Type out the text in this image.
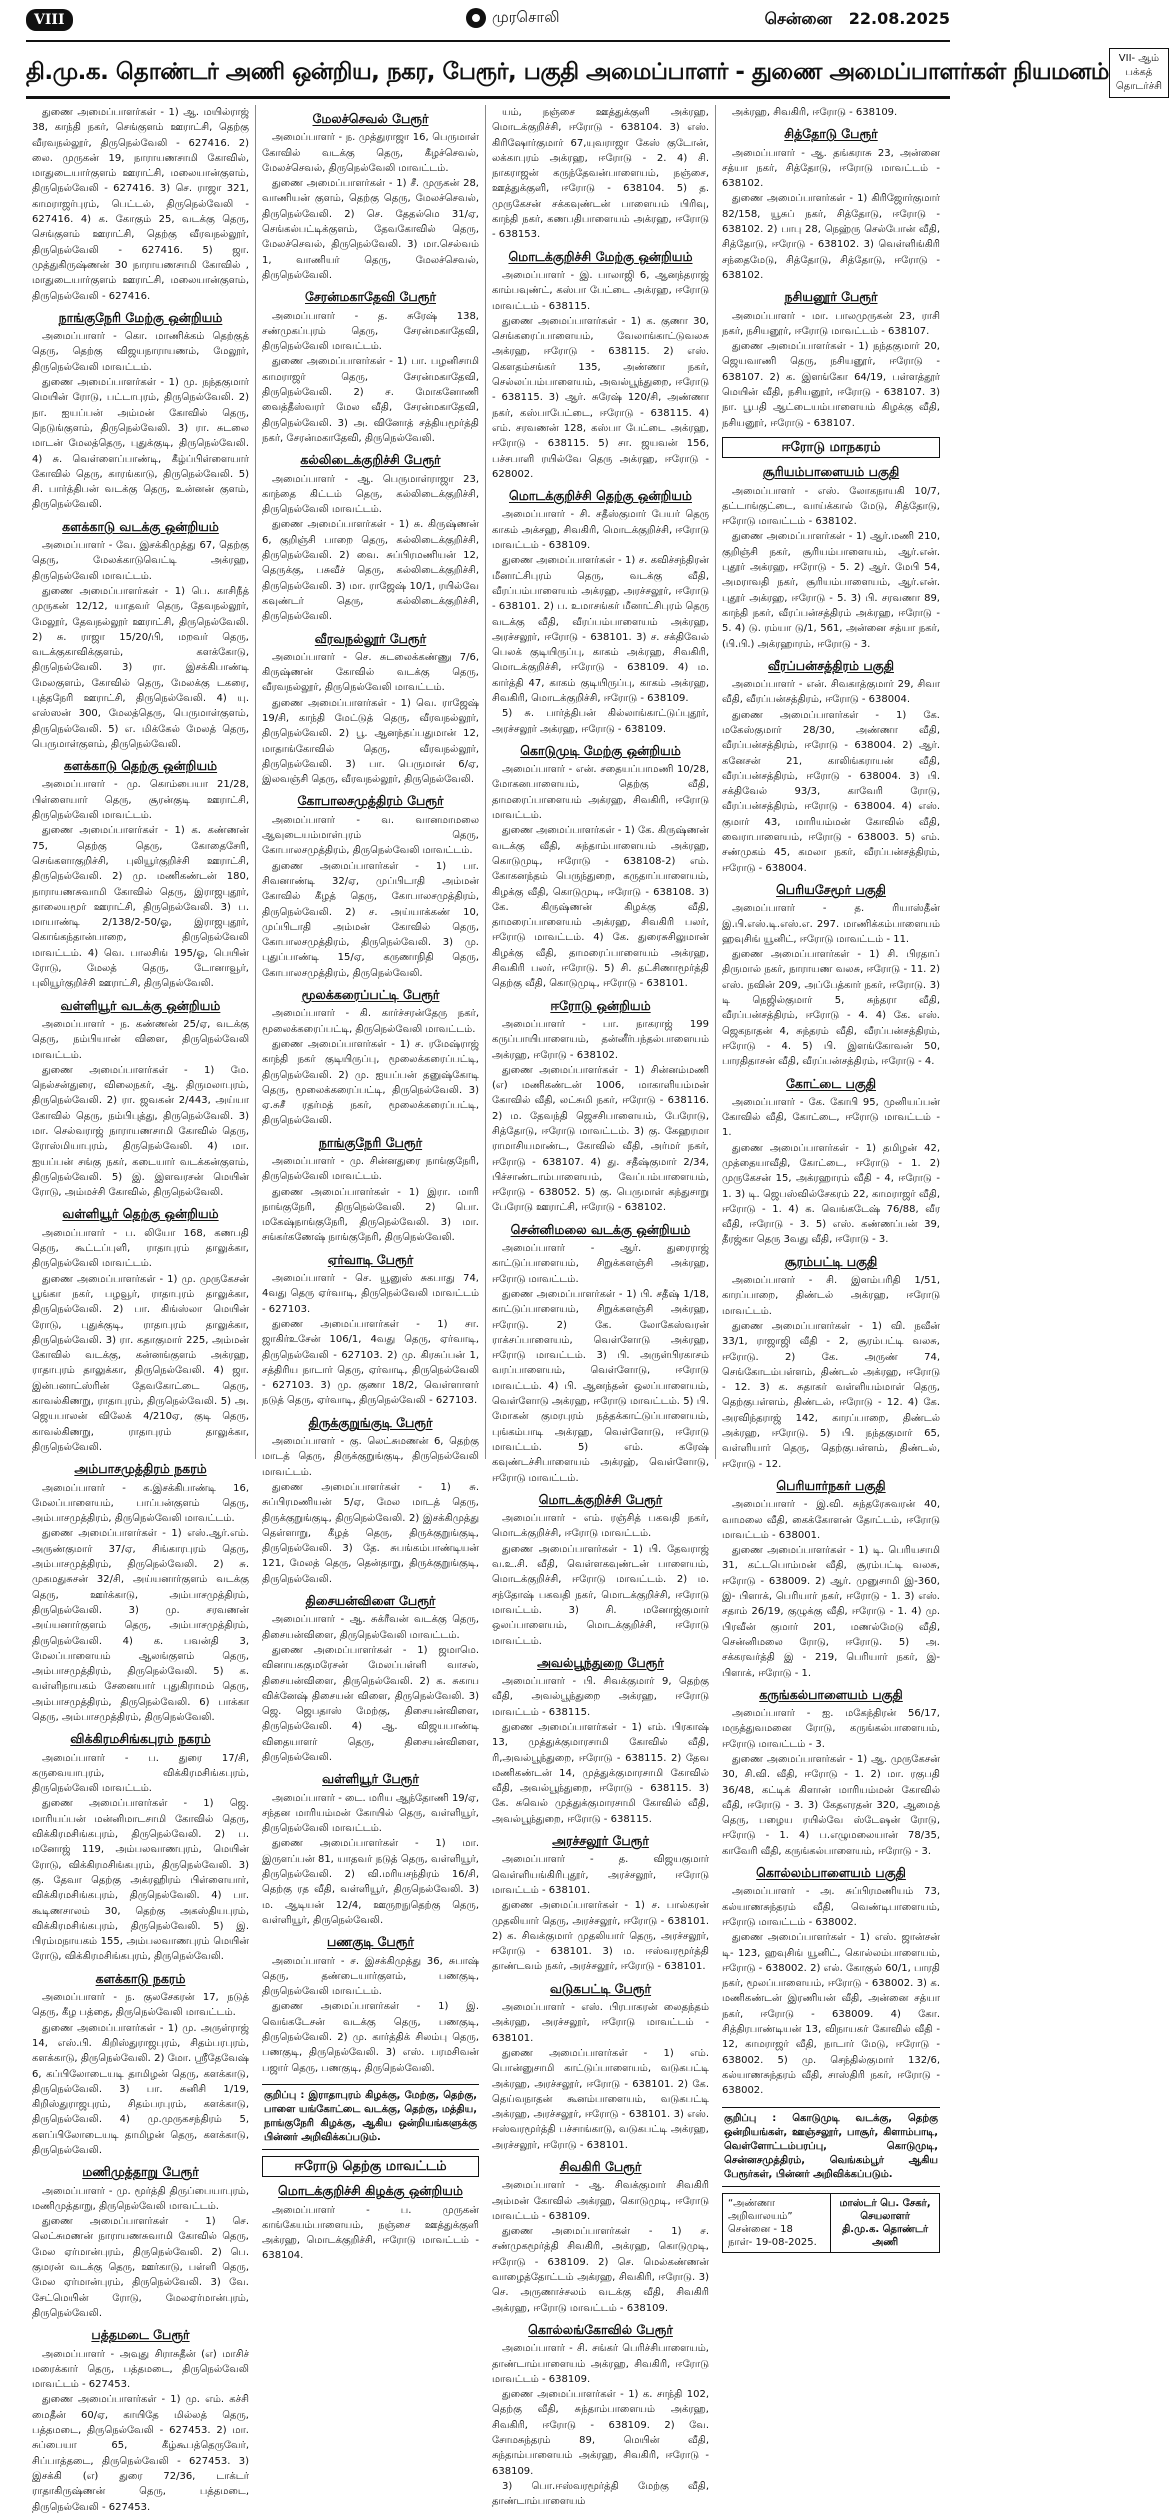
VIII	முரசொலி	சென்னை 22.08.2025
தி.மு.க. தொண்டர் அணி ஒன்றிய, நகர, பேரூர், பகுதி அமைப்பாளர் - துணை அமைப்பாளர்கள் நியமனம் VII- ஆம் பக்கத்
தொடர்ச்சி

துணை அமைப்பாளர்கள் - 1) ஆ. மயில்ராஜ் 38, காந்தி நகர், செங்குளம் ஊராட்சி, தெற்கு வீரவநல்லூர், திருநெல்வேலி - 627416. 2) லை. முருகன் 19, நாராயணசாமி கோவில், மாதுடையார்குளம் ஊராட்சி, மலையான்குளம், திருநெல்வேலி - 627416. 3) செ. ராஜா 321, காமராஜர்புரம், பெட்டல், திருநெல்வேலி - 627416. 4) க. கோகும் 25, வடக்கு தெரு, செங்குளம் ஊராட்சி, தெற்கு வீரவநல்லூர், திருநெல்வேலி - 627416. 5) ஜா. முத்துகிருஷ்ணன் 30 நாராயணசாமி கோவில் , மாதுடையார்குளம் ஊராட்சி, மலையான்குளம், திருநெல்வேலி - 627416.

நாங்குநேரி மேற்கு ஒன்றியம்

அமைப்பாளர் - கொ. மாணிக்கம் தெற்குத் தெரு, தெற்கு விஜயநாராயணம், மேலூர், திருநெல்வேலி மாவட்டம்.

துணை அமைப்பாளர்கள் - 1) மு. நந்தகுமார் மெயின் ரோடு, பட்டாபுரம், திருநெல்வேலி. 2) நா. ஐயப்பன் அம்மன் கோவில் தெரு, நெடுங்குளம், திருநெல்வேலி. 3) ரா. சுடலை மாடன் மேலத்தெரு, புதுக்குடி, திருநெல்வேலி. 4) சு. வெள்ளைப்பாண்டி, கீழ்ப்பிள்ளையார் கோவில் தெரு, காரங்காடு, திருநெல்வேலி. 5) சி. பார்த்திபன் வடக்கு தெரு, உன்னன் குளம், திருநெல்வேலி.

களக்காடு வடக்கு ஒன்றியம்

அமைப்பாளர் - வே. இசக்கிமுத்து 67, தெற்கு தெரு, மேலக்காடுவெட்டி அக்ரஹ, திருநெல்வேலி மாவட்டம்.

துணை அமைப்பாளர்கள் - 1) பெ. காசிநீத் முருகன் 12/12, யாதவர் தெரு, தேவநல்லூர், மேலூர், தேவநல்லூர் ஊராட்சி, திருநெல்வேலி. 2) சு. ராஜா 15/20/பி, மறவர் தெரு, வடக்குகாவிக்குளம், களக்கோடு, திருநெல்வேலி. 3) ரா. இசக்கிபாண்டி மேலகுளம், கோவில் தெரு, மேலக்கு டகரை, புத்தநேரி ஊராட்சி, திருநெல்வேலி. 4) யு. எஸ்ஸன் 300, மேலத்தெரு, பெருமாள்குளம், திருநெல்வேலி. 5) எ. மிக்கேல் மேலத் தெரு, பெருமாள்குளம், திருநெல்வேலி.

களக்காடு தெற்கு ஒன்றியம்

அமைப்பாளர் - மு. கொம்பையா 21/28, பிள்ளையார் தெரு, சூரன்குடி ஊராட்சி, திருநெல்வேலி மாவட்டம்.

துணை அமைப்பாளர்கள் - 1) க. கண்ணன் 75, தெற்கு தெரு, கோதைசேரி, செங்களாகுறிச்சி, புலியூர்குறிச்சி ஊராட்சி, திருநெல்வேலி. 2) மு. மணிகண்டன் 180, நாராயணசுவாமி கோவில் தெரு, இராஜபுதூர், தாலையமூர் ஊராட்சி, திருநெல்வேலி. 3) ப. மாயாண்டி 2/138/2-50/ஓ, இராஜபுதூர், கொங்கந்தான்பாறை, திருநெல்வேலி மாவட்டம். 4) வெ. பாலசிங் 195/ஓ, பெயின் ரோடு, மேலத் தெரு, டோனாவூர், புலியூர்குறிச்சி ஊராட்சி, திருநெல்வேலி.

வள்ளியூர் வடக்கு ஒன்றியம்

அமைப்பாளர் - ந. கண்ணன் 25/ஏ, வடக்கு தெரு, நம்பியான் விளை, திருநெல்வேலி மாவட்டம்.

துணை அமைப்பாளர்கள் - 1) மே. நெல்சன்துரை, விலைநகர், ஆ. திருமலாபுரம், திருநெல்வேலி. 2) ரா. ஜவகன் 2/443, அய்யா கோவில் தெரு, நம்பிபுத்து, திருநெல்வேலி. 3) மா. செல்வராஜ் நாராயணசாமி கோவில் தெரு, ரோஸ்மியாபுரம், திருநெல்வேலி. 4) மா. ஐயப்பன் சங்கு நகர், கடையார் வடக்கன்குளம், திருநெல்வேலி. 5) இ. இளவரசன் மெயின் ரோடு, அம்மச்சி கோவில், திருநெல்வேலி.

வள்ளியூர் தெற்கு ஒன்றியம்

அமைப்பாளர் - ப. லியோ 168, கணபதி தெரு, கூட்டப்புளி, ராதாபுரம் தாலுக்கா, திருநெல்வேலி மாவட்டம்.

துணை அமைப்பாளர்கள் - 1) மு. முருகேசன் பூங்கா நகர், பழவூர், ராதாபுரம் தாலுக்கா, திருநெல்வேலி. 2) பா. கிங்ஸ்லா மெயின் ரோடு, புதுக்குடி, ராதாபுரம் தாலுக்கா, திருநெல்வேலி. 3) ரா. கதாகுமார் 225, அம்மன் கோவில் வடக்கு, கன்னங்குளம் அக்ரஹ, ராதாபுரம் தாலுக்கா, திருநெல்வேலி. 4) ஜா. இன்பனாட்ஸ்ரின் தேவகோட்டை தெரு, காவல்கிணறு, ராதாபுரம், திருநெல்வேலி. 5) அ. ஜெயபாலன் விலேக் 4/210ஏ, குடி தெரு, காவல்கிணறு, ராதாபுரம் தாலுக்கா, திருநெல்வேலி.

அம்பாசமுத்திரம் நகரம்

அமைப்பாளர் - க.இசக்கிபாண்டி 16, மேலப்பாளையம், பாப்பன்குளம் தெரு, அம்பாசமுத்திரம், திருநெல்வேலி மாவட்டம்.

துணை அமைப்பாளர்கள் - 1) எஸ்.ஆர்.எம். அருண்குமார் 37/ஏ, சிங்காரபுரம் தெரு, அம்பாசமுத்திரம், திருநெல்வேலி. 2) சு. முகமதுசுசன் 32/சி, அய்யனார்குளம் வடக்கு தெரு, ஊர்க்காடு, அம்பாசமுத்திரம், திருநெல்வேலி. 3) மு. சரவணன் அய்யனார்குளம் தெரு, அம்பாசமுத்திரம், திருநெல்வேலி. 4) க. பவன்தி 3, மேலப்பாளையம் ஆலங்குளம் தெரு, அம்பாசமுத்திரம், திருநெல்வேலி. 5) க. வள்ளிநாயகம் சேனையார் புதுகிராமம் தெரு, அம்பாசமுத்திரம், திருநெல்வேலி. 6) பாக்கா தெரு, அம்பாசமுத்திரம், திருநெல்வேலி.

விக்கிரமசிங்கபுரம் நகரம்

அமைப்பாளர் - ப. துரை 17/சி, கருவையாபுரம், விக்கிரமசிங்கபுரம், திருநெல்வேலி மாவட்டம்.

துணை அமைப்பாளர்கள் - 1) ஜெ. மாரியப்பன் மன்னிமாடசாமி கோவில் தெரு, விக்கிரமசிங்கபுரம், திருநெல்வேலி. 2) ப. மனோஜ் 119, அம்பலவாணபுரம், மெயின் ரோடு, விக்கிரமசிங்கபுரம், திருநெல்வேலி. 3) கு. தேவா தெற்கு அக்ரஹிரம் பிள்ளையார், விக்கிரமசிங்கபுரம், திருநெல்வேலி. 4) பா. கூடிணசாலம் 30, தெற்கு அகஸ்தியபுரம், விக்கிரமசிங்கபுரம், திருநெல்வேலி. 5) இ. பிரம்மநாயகம் 155, அம்பலவாணபுரம் மெயின் ரோடு, விக்கிரமசிங்கபுரம், திருநெல்வேலி.

களக்காடு நகரம்

அமைப்பாளர் - ந. குலசேகரன் 17, நடுத் தெரு, கீழ பத்தை, திருநெல்வேலி மாவட்டம்.

துணை அமைப்பாளர்கள் - 1) மு. அருள்ராஜ் 14, எஸ்.பி. கிறிஸ்துராஜபுரம், சிதம்பரபுரம், களக்காடு, திருநெல்வேலி. 2) மோ. ஸ்ரீதேவேஷ் 6, கப்பிலோடையடி தாமிழன் தெரு, களக்காடு, திருநெல்வேலி. 3) பா. சுனிசி 1/19, கிறிஸ்துராஜபுரம், சிதம்பரபுரம், களக்காடு, திருநெல்வேலி. 4) மு.முருகசந்திரம் 5, களப்பிலோடையடி தாமிழன் தெரு, களக்காடு, திருநெல்வேலி.

மணிமுத்தாறு பேரூர்

அமைப்பாளர் - மு. மூர்த்தி திருப்பையாபுரம், மணிமுத்தாறு, திருநெல்வேலி மாவட்டம்.

துணை அமைப்பாளர்கள் - 1) செ. லெட்சுமணன் நாராயணசுவாமி கோவில் தெரு, மேல ஏர்மான்புரம், திருநெல்வேலி. 2) பெ. குமரன் வடக்கு தெரு, ஊர்காடு, பள்ளி தெரு, மேல ஏர்மான்புரம், திருநெல்வேலி. 3) வே. சேட்மெயின் ரோடு, மேலஏர்மான்புரம், திருநெல்வேலி.

பத்தமடை பேரூர்

அமைப்பாளர் - அவுது சிராசுதீன் (எ) மாசிச் மரைக்கார் தெரு, பத்தமடை, திருநெல்வேலி மாவட்டம் - 627453.

துணை அமைப்பாளர்கள் - 1) மு. எம். கச்சி மைதீன் 60/ஏ, காயிதே மில்லத் தெரு, பத்தமடை, திருநெல்வேலி - 627453. 2) மா. சுப்பையா 65, கீழ்கூபத்தெருவேர், சிப்பாத்தடை, திருநெல்வேலி - 627453. 3) இசக்கி (எ) துரை 72/36, டாக்டர் ராதாகிருஷ்ணன் தெரு, பத்தமடை, திருநெல்வேலி - 627453.

மேலச்செவல் பேரூர்

அமைப்பாளர் - ந. முத்துராஜா 16, பெருமாள் கோவில் வடக்கு தெரு, கீழச்செவல், மேலச்செவல், திருநெல்வேலி மாவட்டம்.

துணை அமைப்பாளர்கள் - 1) சீ. முருகன் 28, வாணியன் குளம், தெற்கு தெரு, மேலச்செவல், திருநெல்வேலி. 2) செ. தேதல்மெ 31/ஏ, செங்கல்பட்டிக்குளம், தேவகோவில் தெரு, மேலச்செவல், திருநெல்வேலி. 3) மா.செல்வம் 1, வாணியர் தெரு, மேலச்செவல், திருநெல்வேலி.

சேரன்மகாதேவி பேரூர்

அமைப்பாளர் - த. சுரேஷ் 138, சண்முகப்புரம் தெரு, சேரன்மகாதேவி, திருநெல்வேலி மாவட்டம்.

துணை அமைப்பாளர்கள் - 1) பா. பழனிசாமி காமராஜர் தெரு, சேரன்மகாதேவி, திருநெல்வேலி. 2) ச. மோகனோணி வைத்தீஸ்வரர் மேல வீதி, சேரன்மகாதேவி, திருநெல்வேலி. 3) அ. வினோத் சத்தியமூர்த்தி நகர், சேரன்மகாதேவி, திருநெல்வேலி.

கல்லிடைக்குறிச்சி பேரூர்

அமைப்பாளர் - ஆ. பெருமாள்ராஜா 23, காந்தை கிட்டம் தெரு, கல்லிடைக்குறிச்சி, திருநெல்வேலி மாவட்டம்.

துணை அமைப்பாளர்கள் - 1) சு. கிருஷ்ணன் 6, குறிஞ்சி பாறை தெரு, கல்லிடைக்குறிச்சி, திருநெல்வேலி. 2) வை. சுப்பிரமணியன் 12, தெருக்கு, பசுவீச் தெரு, கல்லிடைக்குறிச்சி, திருநெல்வேலி. 3) மா. ராஜேஷ் 10/1, ரயில்வே கவுண்டர் தெரு, கல்லிடைக்குறிச்சி, திருநெல்வேலி.

வீரவநல்லூர் பேரூர்

அமைப்பாளர் - செ. சுடலைக்கண்ணு 7/6, கிருஷ்ணன் கோவில் வடக்கு தெரு, வீரவநல்லூர், திருநெல்வேலி மாவட்டம்.

துணை அமைப்பாளர்கள் - 1) வெ. ராஜேஷ் 19/சி, காந்தி மேட்டுத் தெரு, வீரவநல்லூர், திருநெல்வேலி. 2) பூ. ஆனந்தப்பதுமான் 12, மாதாங்கோவில் தெரு, வீரவநல்லூர், திருநெல்வேலி. 3) பா. பெருமாள் 6/ஏ, இலவஞ்சி தெரு, வீரவநல்லூர், திருநெல்வேலி.

கோபாலசமுத்திரம் பேரூர்

அமைப்பாளர் - வ. வானமாமலை ஆவுடையம்மாள்புரம் தெரு, கோபாலசமுத்திரம், திருநெல்வேலி மாவட்டம்.

துணை அமைப்பாளர்கள் - 1) பா. சிவனாண்டி 32/ஏ, முப்பிடாதி அம்மன் கோவில் கீழத் தெரு, கோபாலசமுத்திரம், திருநெல்வேலி. 2) ச. அய்யாக்கண் 10, முப்பிடாதி அம்மன் கோவில் தெரு, கோபாலசமுத்திரம், திருநெல்வேலி. 3) மு. புதுப்பாண்டி 15/ஏ, கருணாநிதி தெரு, கோபாலசமுத்திரம், திருநெல்வேலி.

மூலக்கரைப்பட்டி பேரூர்

அமைப்பாளர் - கி. கார்ச்சரன்தேரு நகர், மூலைக்கரைப்பட்டி, திருநெல்வேலி மாவட்டம்.

துணை அமைப்பாளர்கள் - 1) ச. ரமேஷ்ராஜ் காந்தி நகர் குடியிருப்பு, மூலைக்கரைப்பட்டி, திருநெல்வேலி. 2) மு. ஐயப்பன் தனுஷ்கோடி தெரு, மூலைக்கரைப்பட்டி, திருநெல்வேலி. 3) ஏ.சுசீ ரதர்மத் நகர், மூலைக்கரைப்பட்டி, திருநெல்வேலி.

நாங்குநேரி பேரூர்

அமைப்பாளர் - மு. சின்னதுரை நாங்குநேரி, திருநெல்வேலி மாவட்டம்.

துணை அமைப்பாளர்கள் - 1) இரா. மாரி நாங்குநேரி, திருநெல்வேலி. 2) பொ. மகேஷ்நாங்குநேரி, திருநெல்வேலி. 3) மா. சங்கர்கணேஷ் நாங்குநேரி, திருநெல்வேலி.

ஏர்வாடி பேரூர்

அமைப்பாளர் - செ. யூனுஸ் சுகபாது 74, 4வது தெரு ஏர்வாடி, திருநெல்வேலி மாவட்டம் - 627103.

துணை அமைப்பாளர்கள் - 1) சா. ஜாகிர்உசேன் 106/1, 4வது தெரு, ஏர்வாடி, திருநெல்வேலி - 627103. 2) மு. கிரசுப்பன் 1, சத்திரிய நாடார் தெரு, ஏர்வாடி, திருநெல்வேலி - 627103. 3) மு. குணா 18/2, வெள்ளாளர் நடுத் தெரு, ஏர்வாடி, திருநெல்வேலி - 627103.

திருக்குறுங்குடி பேரூர்

அமைப்பாளர் - கு. லெட்சுமணன் 6, தெற்கு மாடத் தெரு, திருக்குறுங்குடி, திருநெல்வேலி மாவட்டம்.

துணை அமைப்பாளர்கள் - 1) சு. சுப்பிரமணியன் 5/ஏ, மேல மாடத் தெரு, திருக்குறுங்குடி, திருநெல்வேலி. 2) இசக்கிமுத்து தெள்ளாறு, கீழத் தெரு, திருக்குறுங்குடி, திருநெல்வேலி. 3) தே. சுபங்கம்பாண்டியன் 121, மேலத் தெரு, தென்தாறு, திருக்குறுங்குடி, திருநெல்வேலி.

திசையன்விளை பேரூர்

அமைப்பாளர் - ஆ. சுக்ரீவன் வடக்கு தெரு, திசையன்விளை, திருநெல்வேலி மாவட்டம்.

துணை அமைப்பாளர்கள் - 1) ஜமாமெ. வினாயககுமரேசன் மேலப்பள்ளி வாசல், திசையன்விளை, திருநெல்வேலி. 2) க. சுகாய விக்னேஷ் திசையன் விளை, திருநெல்வேலி. 3) ஜெ. ஜெபதாஸ் மேற்கு, திசையன்விளை, திருநெல்வேலி. 4) ஆ. விஜயபாண்டி விதையாளர் தெரு, திசையன்விளை, திருநெல்வேலி.

வள்ளியூர் பேரூர்

அமைப்பாளர் - டை. மரிய ஆந்தோணி 19/ஏ, சந்தன மாரியம்மன் கோயில் தெரு, வள்ளியூர், திருநெல்வேலி மாவட்டம்.

துணை அமைப்பாளர்கள் - 1) மா. இருளப்பன் 81, யாதவர் நடுத் தெரு, வள்ளியூர், திருநெல்வேலி. 2) வி.மரியசந்திரம் 16/சி, தெற்கு ரத வீதி, வள்ளியூர், திருநெல்வேலி. 3) ம. ஆடியன் 12/4, ஊருறநுதெற்கு தெரு, வள்ளியூர், திருநெல்வேலி.

பணகுடி பேரூர்

அமைப்பாளர் - ச. இசக்கிமுத்து 36, சுபாஷ் தெரு, தண்டையார்குளம், பணகுடி, திருநெல்வேலி மாவட்டம்.

துணை அமைப்பாளர்கள் - 1) இ. வெங்கடேசன் வடக்கு தெரு, பணகுடி, திருநெல்வேலி. 2) மு. கார்த்திக் சிலம்பு தெரு, பணகுடி, திருநெல்வேலி. 3) எஸ். பரமசிவன் பஜார் தெரு, பணகுடி, திருநெல்வேலி.

குறிப்பு : இராதாபுரம் கிழக்கு, மேற்கு, தெற்கு, பாளை யங்கோட்டை வடக்கு, தெற்கு, மத்திய, நாங்குநேரி கிழக்கு, ஆகிய ஒன்றியங்களுக்கு பின்னர் அறிவிக்கப்படும்.
ஈரோடு தெற்கு மாவட்டம்
மொடக்குறிச்சி கிழக்கு ஒன்றியம்

அமைப்பாளர் - ப. முருகன் காங்கேயம்பாளையம், நஞ்சை ஊத்துக்குளி அக்ரஹ, மொடக்குறிச்சி, ஈரோடு மாவட்டம் - 638104.

யம், நஞ்சை ஊத்துக்குளி அக்ரஹ, மொடக்குறிச்சி, ஈரோடு - 638104. 3) எஸ். கிரிஷோர்குமார் 67,யுவராஜா கேஸ் குடோன், லக்காபுரம் அக்ரஹ, ஈரோடு - 2. 4) சி. நாகராஜன் கருந்தேவன்பாளையம், நஞ்சை, ஊத்துக்குளி, ஈரோடு - 638104. 5) த. முருகேசன் சக்கவுண்டன் பாளையம் பிரிவு, காந்தி நகர், கணபதிபாளையம் அக்ரஹ, ஈரோடு - 638153.

மொடக்குறிச்சி மேற்கு ஒன்றியம்

அமைப்பாளர் - இ. பாலாஜி 6, ஆனந்தராஜ் காம்பவுண்ட், கஸ்பா பேட்டை அக்ரஹ, ஈரோடு மாவட்டம் - 638115.

துணை அமைப்பாளர்கள் - 1) க. குணா 30, செங்கரைப்பாளையம், வேலாங்காட்டுவலசு அக்ரஹ, ஈரோடு - 638115. 2) எஸ். கௌதம்சங்கர் 135, அண்ணா நகர், செல்லப்பம்பாளையம், அவல்பூந்துறை, ஈரோடு - 638115. 3) ஆர். சுரேஷ் 120/சி, அண்ணா நகர், கஸ்பாபேட்டை, ஈரோடு - 638115. 4) எம். சரவணன் 128, கஸ்பா பேட்டை அக்ரஹ, ஈரோடு - 638115. 5) சா. ஜயவன் 156, பச்சபாளி ரயில்வே தெரு அக்ரஹ, ஈரோடு - 628002.

மொடக்குறிச்சி தெற்கு ஒன்றியம்

அமைப்பாளர் - சி. சதீஸ்குமார் பேயர் தெரு காகம் அக்சஹ, சிவகிரி, மொடக்குறிச்சி, ஈரோடு மாவட்டம் - 638109.

துணை அமைப்பாளர்கள் - 1) ச. கவிச்சந்திரன் மீனாட்சிபுரம் தெரு, வடக்கு வீதி, வீரப்பம்பாளையம் அக்ரஹ, அரச்சலூர், ஈரோடு - 638101. 2) ப. உமாசங்கர் மீனாட்சிபுரம் தெரு வடக்கு வீதி, வீரப்பம்பாளையம் அக்ரஹ, அரச்சலூர், ஈரோடு - 638101. 3) ச. சக்திவேல் பெலக் குடியிருப்பு, காகம் அக்ரஹ, சிவகிரி, மொடக்குறிச்சி, ஈரோடு - 638109. 4) ம. கார்த்தி 47, காகம் குடியிருப்பு, காகம் அக்ரஹ, சிவகிரி, மொடக்குறிச்சி, ஈரோடு - 638109.

5) சு. பார்த்திபன் கில்லாங்காட்டுப்புதூர், அரச்சலூர் அக்ரஹ, ஈரோடு - 638109.

கொடுமுடி மேற்கு ஒன்றியம்

அமைப்பாளர் - என். சதையப்பாமணி 10/28, மோகனபாளையம், தெற்கு வீதி, தாமரைப்பாளையம் அக்ரஹ, சிவகிரி, ஈரோடு மாவட்டம்.

துணை அமைப்பாளர்கள் - 1) கே. கிருஷ்ணன் வடக்கு வீதி, சுந்தாம்பாளையம் அக்ரஹ, கொடுமுடி, ஈரோடு - 638108-2) எம். கோகனந்தம் பெருந்துறை, கருதாப்பாளையம், கிழக்கு வீதி, கொடுமுடி, ஈரோடு - 638108. 3) கே. கிருஷ்ணன் கிழக்கு வீதி, தாமரைப்பாளையம் அக்ரஹ, சிவகிரி பலர், ஈரோடு மாவட்டம். 4) கே. துரைசுசிலுமான் கிழக்கு வீதி, தாமரைப்பாளையம் அக்ரஹ, சிவகிரி பலர், ஈரோடு. 5) சி. தட்சிணாமூர்த்தி தெற்கு வீதி, கொடுமுடி, ஈரோடு - 638101.

ஈரோடு ஒன்றியம்

அமைப்பாளர் - பா. நாகராஜ் 199 கருப்பாயிபாளையம், தன்னீர்பந்தல்பாளையம் அக்ரஹ, ஈரோடு - 638102.

துணை அமைப்பாளர்கள் - 1) சின்னம்மணி (எ) மணிகண்டன் 1006, மாகாளியம்மன் கோவில் வீதி, லட்சுமி நகர், ஈரோடு - 638116. 2) ம. தேவந்தி ஜெசசிபாளையம், பேரோடு, சித்தோடு, ஈரோடு மாவட்டம். 3) கு. கேஹரமா ராமாசியமாண்ட, கோவில் வீதி, அர்மர் நகர், ஈரோடு - 638107. 4) து. சதீஷ்குமார் 2/34, பிச்சாண்டாம்பாளையம், வேப்பம்பாளையம், ஈரோடு - 638052. 5) கு. பெருமாள் கந்துசாறு பேரோடு ஊராட்சி, ஈரோடு - 638102.

சென்னிமலை வடக்கு ஒன்றியம்

அமைப்பாளர் - ஆர். துரைராஜ் காட்டுப்பாளையம், சிறுக்களஞ்சி அக்ரஹ, ஈரோடு மாவட்டம்.

துணை அமைப்பாளர்கள் - 1) பி. சதீஷ் 1/18, காட்டுப்பாளையம், சிறுக்களஞ்சி அக்ரஹ, ஈரோடு. 2) கே. லோகேஸ்வரன் ராக்சப்பாளையம், வெள்ளோடு அக்ரஹ, ஈரோடு மாவட்டம். 3) பி. அருள்பிரகாசம் வரப்பாளையம், வெள்ளோடு, ஈரோடு மாவட்டம். 4) பி. ஆனந்தன் ஒலப்பாளையம், வெள்ளோடு அக்ரஹ, ஈரோடு மாவட்டம். 5) பி. மோகன் குமரபுரம் நத்தக்காட்டுப்பாளையம், புங்கம்பாடி அக்ரஹ, வெள்ளோடு, ஈரோடு மாவட்டம். 5) எம். கரேஷ் கவுண்டச்சிபாளையம் அக்ரஹ், வெள்ளோடு, ஈரோடு மாவட்டம்.

மொடக்குறிச்சி பேரூர்

அமைப்பாளர் - எம். ரஞ்சித் பகவதி நகர், மொடக்குறிச்சி, ஈரோடு மாவட்டம்.

துணை அமைப்பாளர்கள் - 1) பி. தேவராஜ் வ.உ.சி. வீதி, வெள்ளகவுண்டன் பாளையம், மொடக்குறிச்சி, ஈரோடு மாவட்டம். 2) ம. சந்தோஷ் பகவதி நகர், மொடக்குறிச்சி, ஈரோடு மாவட்டம். 3) சி. மனோஜ்குமார் ஒலப்பாளையம், மொடக்குறிச்சி, ஈரோடு மாவட்டம்.

அவல்பூந்துறை பேரூர்

அமைப்பாளர் - பி. சிவக்குமார் 9, தெற்கு வீதி, அவல்பூந்துறை அக்ரஹ, ஈரோடு மாவட்டம் - 638115.

துணை அமைப்பாளர்கள் - 1) எம். பிரகாஷ் 13, முத்துக்குமாரசாமி கோவில் வீதி, ரி,அவல்பூந்துறை, ஈரோடு - 638115. 2) தேவ மணிகண்டன் 14, முத்துக்குமாரசாமி கோவில் வீதி, அவல்பூந்துறை, ஈரோடு - 638115. 3) கே. சுவெல் முத்துக்குமாரசாமி கோவில் வீதி, அவல்பூந்துறை, ஈரோடு - 638115.

அரச்சலூர் பேரூர்

அமைப்பாளர் - த. விஜயகுமார் வெள்ளியங்கிரிபுதூர், அரச்சலூர், ஈரோடு மாவட்டம் - 638101.

துணை அமைப்பாளர்கள் - 1) ச. பால்கரன் முதலியார் தெரு, அரச்சலூர், ஈரோடு - 638101. 2) க. சிவக்குமார் முதலியார் தெரு, அரச்சலூர், ஈரோடு - 638101. 3) ம. ஈஸ்வரமூர்த்தி தாண்டவம் நகர், அரச்சலூர், ஈரோடு - 638101.

வடுகபட்டி பேரூர்

அமைப்பாளர் - எஸ். பிரபாகரன் லைதந்தம் அக்ரஹ, அரச்சலூர், ஈரோடு மாவட்டம் - 638101.

துணை அமைப்பாளர்கள் - 1) எம். பொன்னுசாமி காட்டுப்பாளையம், வடுகபட்டி அக்ரஹ, அரச்சலூர், ஈரோடு - 638101. 2) கே. தெய்வநாதன் கூனம்பாளையம், வடுகபட்டி அக்ரஹ, அரச்சலூர், ஈரோடு - 638101. 3) எஸ். ஈஸ்வரமூர்த்தி பச்சாங்காடு, வடுகபட்டி அக்ரஹ, அரச்சலூர், ஈரோடு - 638101.

சிவகிரி பேரூர்

அமைப்பாளர் - ஆ. சிவக்குமார் சிவகிரி அம்மன் கோவில் அக்ரஹ, கொடுமுடி, ஈரோடு மாவட்டம் - 638109.

துணை அமைப்பாளர்கள் - 1) ச. சண்முகமூர்த்தி சிவகிரி, அக்ரஹ, கொடுமுடி, ஈரோடு - 638109. 2) செ. மெல்கண்ணன் வாழைத்தோட்டம் அக்ரஹ, சிவகிரி, ஈரோடு. 3) செ. அருணாச்சலம் வடக்கு வீதி, சிவகிரி அக்ரஹ, ஈரோடு மாவட்டம் - 638109.

கொல்லங்கோவில் பேரூர்

அமைப்பாளர் - சி. சங்கர் பெரிச்சிபாளையம், தாண்டாம்பாளையம் அக்ரஹ, சிவகிரி, ஈரோடு மாவட்டம் - 638109.

துணை அமைப்பாளர்கள் - 1) க. சாந்தி 102, தெற்கு வீதி, சுந்தாம்பாளையம் அக்ரஹ, சிவகிரி, ஈரோடு - 638109. 2) வே. சோமசுந்தரம் 89, மெயின் வீதி, சுந்தாம்பாளையம் அக்ரஹ, சிவகிரி, ஈரோடு - 638109.

3) பொ.ஈஸ்வரமூர்த்தி மேற்கு வீதி, தாண்டாம்பாளையம்

அக்ரஹ, சிவகிரி, ஈரோடு - 638109.

சித்தோடு பேரூர்

அமைப்பாளர் - ஆ. தங்கராசு 23, அன்னை சத்யா நகர், சித்தோடு, ஈரோடு மாவட்டம் - 638102.

துணை அமைப்பாளர்கள் - 1) கிரிஜோர்குமார் 82/158, யூசுப் நகர், சித்தோடு, ஈரோடு - 638102. 2) பாபு 28, நெஹ்ரு செல்போன் வீதி, சித்தோடு, ஈரோடு - 638102. 3) வெள்ளிங்கிரி சந்தைமேடு, சித்தோடு, சித்தோடு, ஈரோடு - 638102.

நசியனூர் பேரூர்

அமைப்பாளர் - மா. பாலமுருகன் 23, ராசி நகர், நசியனூர், ஈரோடு மாவட்டம் - 638107.

துணை அமைப்பாளர்கள் - 1) நந்தகுமார் 20, ஜெயவாணி தெரு, நசியனூர், ஈரோடு - 638107. 2) க. இளங்கோ 64/19, பள்ளத்தூர் மெயின் வீதி, நசியனூர், ஈரோடு - 638107. 3) நா. பூபதி ஆட்டையம்பாளையம் கிழக்கு வீதி, நசியனூர், ஈரோடு - 638107.

ஈரோடு மாநகரம்
சூரியம்பாளையம் பகுதி

அமைப்பாளர் - எஸ். லோகநாயகி 10/7, தட்டாங்குட்டை, வாய்க்கால் மேடு, சித்தோடு, ஈரோடு மாவட்டம் - 638102.

துணை அமைப்பாளர்கள் - 1) ஆர்.மணி 210, குறிஞ்சி நகர், சூரியம்பாளையம், ஆர்.என். புதூர் அக்ரஹ, ஈரோடு - 5. 2) ஆர். மேபி 54, அமராவதி நகர், சூரியம்பாளையம், ஆர்.என். புதூர் அக்ரஹ, ஈரோடு - 5. 3) பி. சரவணா 89, காந்தி நகர், வீரப்பன்சத்திரம் அக்ரஹ, ஈரோடு - 5. 4) டு. ரம்யா டு/1, 561, அன்னை சத்யா நகர், (பி.பி.) அக்ரஹாரம், ஈரோடு - 3.

வீரப்பன்சத்திரம் பகுதி

அமைப்பாளர் - என். சிவகாத்குமார் 29, சிவா வீதி, வீரப்பன்சத்திரம், ஈரோடு - 638004.

துணை அமைப்பாளர்கள் - 1) கே. மகேஸ்குமார் 28/30, அண்ணா வீதி, வீரப்பன்சத்திரம், ஈரோடு - 638004. 2) ஆர். கனேசன் 21, காலிங்கராயன் வீதி, வீரப்பன்சத்திரம், ஈரோடு - 638004. 3) பி. சக்திவேல் 93/3, காவேரி ரோடு, வீரப்பன்சத்திரம், ஈரோடு - 638004. 4) எஸ். குமார் 43, மாரியம்மன் கோவில் வீதி, வைராபாளையம், ஈரோடு - 638003. 5) எம். சண்முகம் 45, கமலா நகர், வீரப்பன்சத்திரம், ஈரோடு - 638004.

பெரியசேமூர் பகுதி

அமைப்பாளர் - த. ரியாஸ்தீன் இ.பி.எஸ்.டி.எஸ்.எ. 297. மாணிக்கம்பாளையம் ஹவுசிங் யூனிட், ஈரோடு மாவட்டம் - 11.

துணை அமைப்பாளர்கள் - 1) சி. பிரதாப் திருமால் நகர், நாராயண வலசு, ஈரோடு - 11. 2) எஸ். நவின் 209, அப்பேத்கார் நகர், ஈரோடு. 3) டி நெஜில்குமார் 5, சுந்தரா வீதி, வீரப்பன்சத்திரம், ஈரோடு - 4. 4) கே. எஸ். ஜெகநாதன் 4, சுந்தரம் வீதி, வீரப்பன்சத்திரம், ஈரோடு - 4. 5) பி. இளங்கோவன் 50, பாரதிதாசன் வீதி, வீரப்பன்சத்திரம், ஈரோடு - 4.

கோட்டை பகுதி

அமைப்பாளர் - கே. கோபி 95, முனியப்பன் கோவில் வீதி, கோட்டை, ஈரோடு மாவட்டம் - 1.

துணை அமைப்பாளர்கள் - 1) தமிழன் 42, முத்தையாவீதி, கோட்டை, ஈரோடு - 1. 2) முருகேசன் 15, அக்ரஹாரம் வீதி - 4, ஈரோடு - 1. 3) டி. ஜெபஸ்வில்சேகரம் 22, காமராஜர் வீதி, ஈரோடு - 1. 4) க. வெங்கடேஷ் 76/88, வீர வீதி, ஈரோடு - 3. 5) எஸ். கண்ணப்பன் 39, தீரஜ்கா தெரு 3வது வீதி, ஈரோடு - 3.

சூரம்பட்டி பகுதி

அமைப்பாளர் - சி. இளம்பரிதி 1/51, காரப்பாறை, திண்டல் அக்ரஹ, ஈரோடு மாவட்டம்.

துணை அமைப்பாளர்கள் - 1) வி. நவீன் 33/1, ராஜாஜி வீதி - 2, சூரம்பட்டி வலசு, ஈரோடு. 2) கே. அருண் 74, செங்கோடம்பள்ளம், திண்டல் அக்ரஹ, ஈரோடு - 12. 3) க. சுதாகர் வள்ளியம்மாள் தெரு, தெற்குபள்ளம், திண்டல், ஈரோடு - 12. 4) கே. அரவிந்தராஜ் 142, காரப்பாறை, திண்டல் அக்ரஹ, ஈரோடு. 5) பி. நந்தகுமார் 65, வள்ளியார் தெரு, தெற்குபள்ளம், திண்டல், ஈரோடு - 12.

பெரியார்நகர் பகுதி

அமைப்பாளர் - இ.வி. சுந்தரேசுவரன் 40, வாமலை வீதி, கைக்கோளன் தோட்டம், ஈரோடு மாவட்டம் - 638001.

துணை அமைப்பாளர்கள் - 1) டி. பெரியசாமி 31, கட்டபொம்மன் வீதி, சூரம்பட்டி வலசு, ஈரோடு - 638009. 2) ஆர். முனுசாமி இ-360, இ- பிளாக், பெரியார் நகர், ஈரோடு - 1. 3) எஸ். சதாம் 26/19, குழுக்கு வீதி, ஈரோடு - 1. 4) மு. பிரவீன் குமார் 201, மணல்மேடு வீதி, சென்னிமலை ரோடு, ஈரோடு. 5) அ. சக்கரவர்த்தி இ - 219, பெரியார் நகர், இ- பிளாக், ஈரோடு - 1.

கருங்கல்பாளையம் பகுதி

அமைப்பாளர் - ஐ. மகேந்திரன் 56/17, மருத்துவமனை ரோடு, கருங்கல்பாளையம், ஈரோடு மாவட்டம் - 3.

துணை அமைப்பாளர்கள் - 1) ஆ. முருகேசன் 30, சி.வி. வீதி, ஈரோடு - 1. 2) மா. ரகுபதி 36/48, கட்டிக் கிளான் மாரியம்மன் கோவில் வீதி, ஈரோடு - 3. 3) கேதஎரதன் 320, ஆமைத் தெரு, பழைய ரயில்வே ஸ்டேஷன் ரோடு, ஈரோடு - 1. 4) ப.எழுமலையான் 78/35, காவேரி வீதி, கருங்கல்பாளையம், ஈரோடு - 3.

கொல்லம்பாளையம் பகுதி

அமைப்பாளர் - அ. சுப்பிரமணியம் 73, கல்யாணசுந்தரம் வீதி, வெண்டிபாளையம், ஈரோடு மாவட்டம் - 638002.

துணை அமைப்பாளர்கள் - 1) எஸ். ஜான்சன் டி- 123, ஹவுசிங் யூனிட், கொல்லம்பாளையம், ஈரோடு - 638002. 2) எல். கோகுல் 60/1, பாரதி நகர், மூலப்பாளையம், ஈரோடு - 638002. 3) க. மணிகண்டன் இரணியன் வீதி, அன்னை சத்யா நகர், ஈரோடு - 638009. 4) கோ. சித்திரபாண்டியன் 13, விநாயகர் கோவில் வீதி - 12, காமராஜர் வீதி, நாடார் மேடு, ஈரோடு - 638002. 5) மு. செந்தில்குமார் 132/6, கல்யாணசுந்தரம் வீதி, சாஸ்திரி நகர், ஈரோடு - 638002.

குறிப்பு : கொடுமுடி வடக்கு, தெற்கு ஒன்றியங்கள், ஊஞ்சலூர், பாசூர், கிளாம்பாடி, வெள்ளோட்டம்பரப்பு, கொடுமுடி, சென்னசமுத்திரம், வெங்கம்பூர் ஆகிய பேரூர்கள், பின்னர் அறிவிக்கப்படும்.
“அண்ணா அறிவாலயம்”
சென்னை - 18
நாள்- 19-08-2025.
மாஸ்டர் பெ. சேகர்,
செயலாளர்
தி.மு.க. தொண்டர் அணி
